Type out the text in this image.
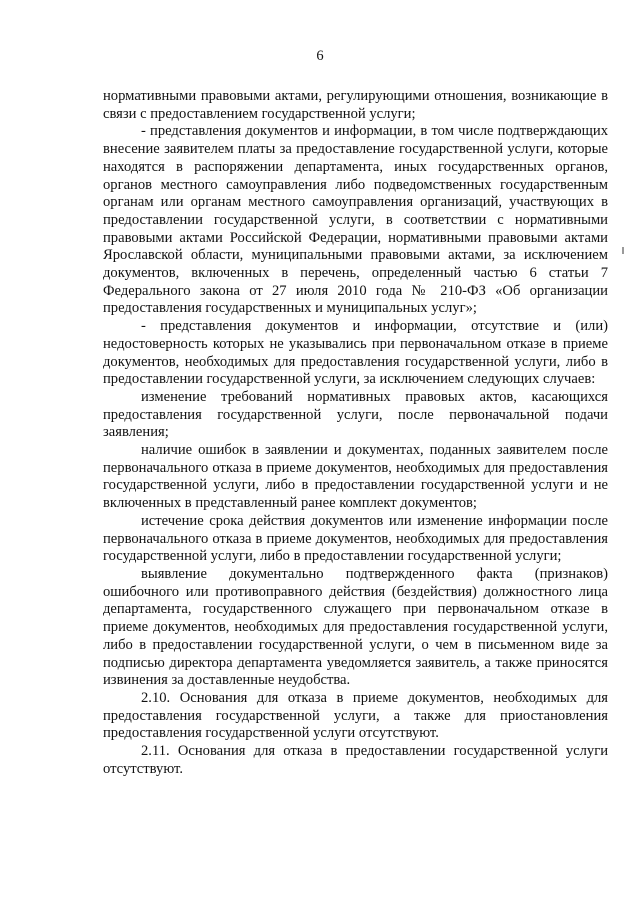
6

нормативными правовыми актами, регулирующими отношения, возникающие в связи с предоставлением государственной услуги;

- представления документов и информации, в том числе подтверждающих внесение заявителем платы за предоставление государственной услуги, которые находятся в распоряжении департамента, иных государственных органов, органов местного самоуправления либо подведомственных государственным органам или органам местного самоуправления организаций, участвующих в предоставлении государственной услуги, в соответствии с нормативными правовыми актами Российской Федерации, нормативными правовыми актами Ярославской области, муниципальными правовыми актами, за исключением документов, включенных в перечень, определенный частью 6 статьи 7 Федерального закона от 27 июля 2010 года № 210-ФЗ «Об организации предоставления государственных и муниципальных услуг»;

- представления документов и информации, отсутствие и (или) недостоверность которых не указывались при первоначальном отказе в приеме документов, необходимых для предоставления государственной услуги, либо в предоставлении государственной услуги, за исключением следующих случаев:

изменение требований нормативных правовых актов, касающихся предоставления государственной услуги, после первоначальной подачи заявления;

наличие ошибок в заявлении и документах, поданных заявителем после первоначального отказа в приеме документов, необходимых для предоставления государственной услуги, либо в предоставлении государственной услуги и не включенных в представленный ранее комплект документов;

истечение срока действия документов или изменение информации после первоначального отказа в приеме документов, необходимых для предоставления государственной услуги, либо в предоставлении государственной услуги;

выявление документально подтвержденного факта (признаков) ошибочного или противоправного действия (бездействия) должностного лица департамента, государственного служащего при первоначальном отказе в приеме документов, необходимых для предоставления государственной услуги, либо в предоставлении государственной услуги, о чем в письменном виде за подписью директора департамента уведомляется заявитель, а также приносятся извинения за доставленные неудобства.

2.10. Основания для отказа в приеме документов, необходимых для предоставления государственной услуги, а также для приостановления предоставления государственной услуги отсутствуют.

2.11. Основания для отказа в предоставлении государственной услуги отсутствуют.
